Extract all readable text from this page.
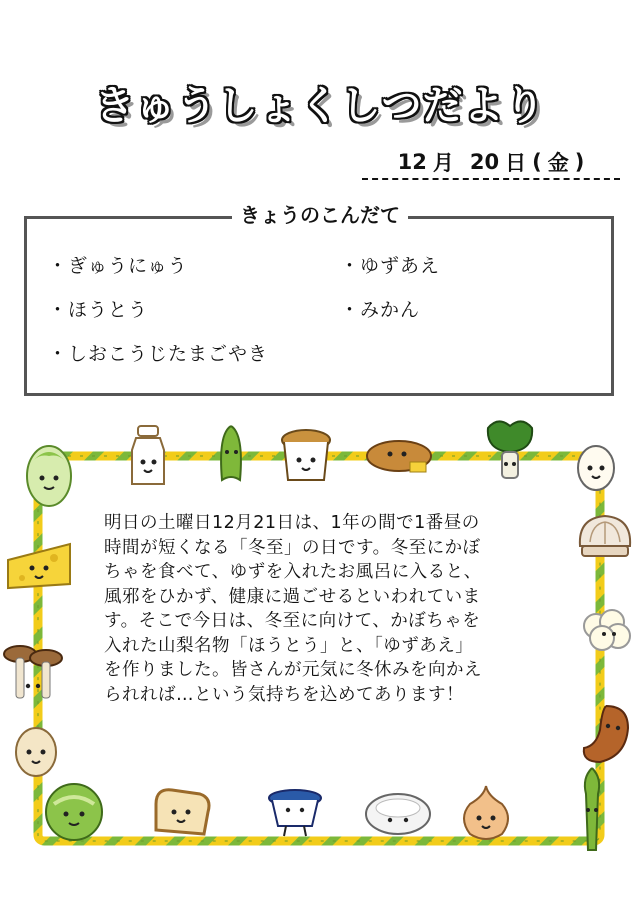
きゅうしょくしつだより
12 月 20 日 ( 金 )
きょうのこんだて
・ぎゅうにゅう
・ほうとう
・しおこうじたまごやき
・ゆずあえ
・みかん
明日の土曜日12月21日は、1年の間で1番昼の
時間が短くなる「冬至」の日です。冬至にかぼ
ちゃを食べて、ゆずを入れたお風呂に入ると、
風邪をひかず、健康に過ごせるといわれていま
す。そこで今日は、冬至に向けて、かぼちゃを
入れた山梨名物「ほうとう」と、「ゆずあえ」
を作りました。皆さんが元気に冬休みを向かえ
られれば…という気持ちを込めてあります！
